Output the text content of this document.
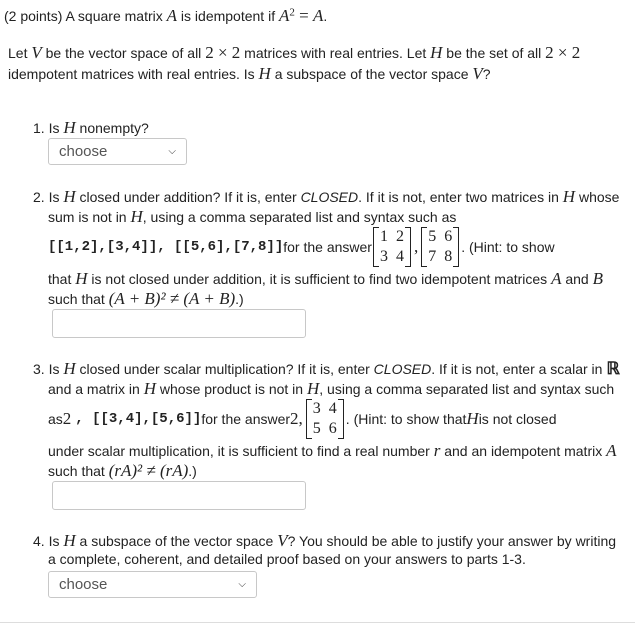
(2 points) A square matrix A is idempotent if $A^2 = A$.
Let V be the vector space of all 2 × 2 matrices with real entries. Let H be the set of all 2 × 2
idempotent matrices with real entries. Is H a subspace of the vector space V?
1. Is H nonempty?
choose	⌵
2. Is H closed under addition? If it is, enter CLOSED. If it is not, enter two matrices in H whose
sum is not in H, using a comma separated list and syntax such as
[[1,2],[3,4]], [[5,6],[7,8]] for the answer
1	2
3	4
,
5	6
7	8
. (Hint: to show
that H is not closed under addition, it is sufficient to find two idempotent matrices A and B
such that (A + B)² ≠ (A + B).)
3. Is H closed under scalar multiplication? If it is, enter CLOSED. If it is not, enter a scalar in ℝ
and a matrix in H whose product is not in H, using a comma separated list and syntax such
as 2 , [[3,4],[5,6]] for the answer 2,
3	4
5	6
. (Hint: to show that H is not closed
under scalar multiplication, it is sufficient to find a real number r and an idempotent matrix A
such that (rA)² ≠ (rA).)
4. Is H a subspace of the vector space V? You should be able to justify your answer by writing
a complete, coherent, and detailed proof based on your answers to parts 1-3.
choose	⌵
